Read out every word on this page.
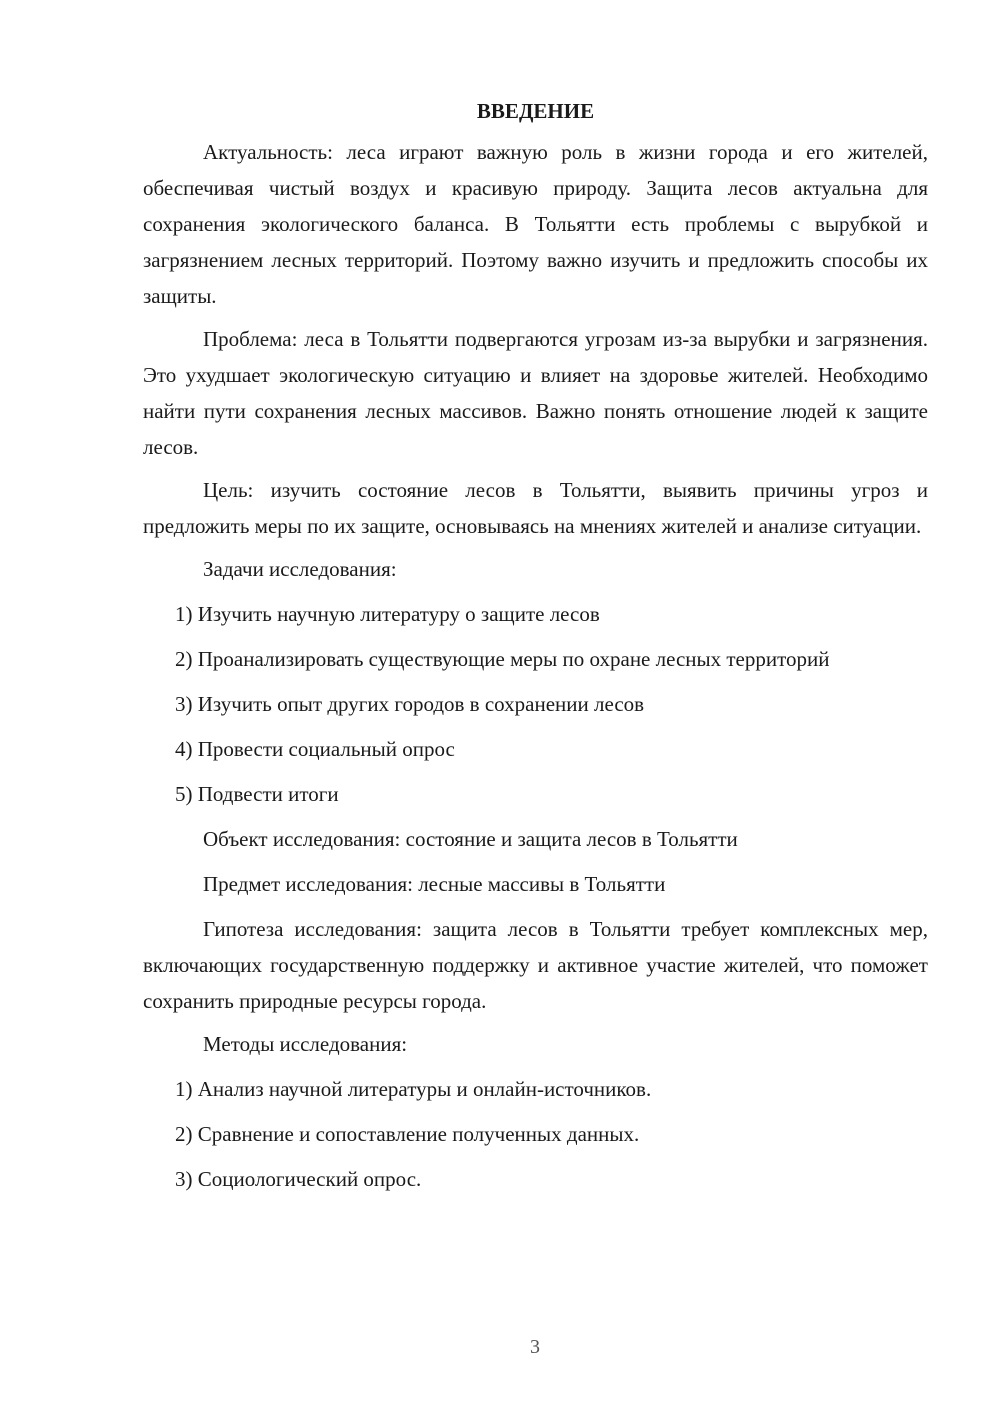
ВВЕДЕНИЕ

Актуальность: леса играют важную роль в жизни города и его жителей, обеспечивая чистый воздух и красивую природу. Защита лесов актуальна для сохранения экологического баланса. В Тольятти есть проблемы с вырубкой и загрязнением лесных территорий. Поэтому важно изучить и предложить способы их защиты.

Проблема: леса в Тольятти подвергаются угрозам из-за вырубки и загрязнения. Это ухудшает экологическую ситуацию и влияет на здоровье жителей. Необходимо найти пути сохранения лесных массивов. Важно понять отношение людей к защите лесов.

Цель: изучить состояние лесов в Тольятти, выявить причины угроз и предложить меры по их защите, основываясь на мнениях жителей и анализе ситуации.

Задачи исследования:
1) Изучить научную литературу о защите лесов
2) Проанализировать существующие меры по охране лесных территорий
3) Изучить опыт других городов в сохранении лесов
4) Провести социальный опрос
5) Подвести итоги
Объект исследования: состояние и защита лесов в Тольятти
Предмет исследования: лесные массивы в Тольятти

Гипотеза исследования: защита лесов в Тольятти требует комплексных мер, включающих государственную поддержку и активное участие жителей, что поможет сохранить природные ресурсы города.

Методы исследования:
1) Анализ научной литературы и онлайн-источников.
2) Сравнение и сопоставление полученных данных.
3) Социологический опрос.
3
